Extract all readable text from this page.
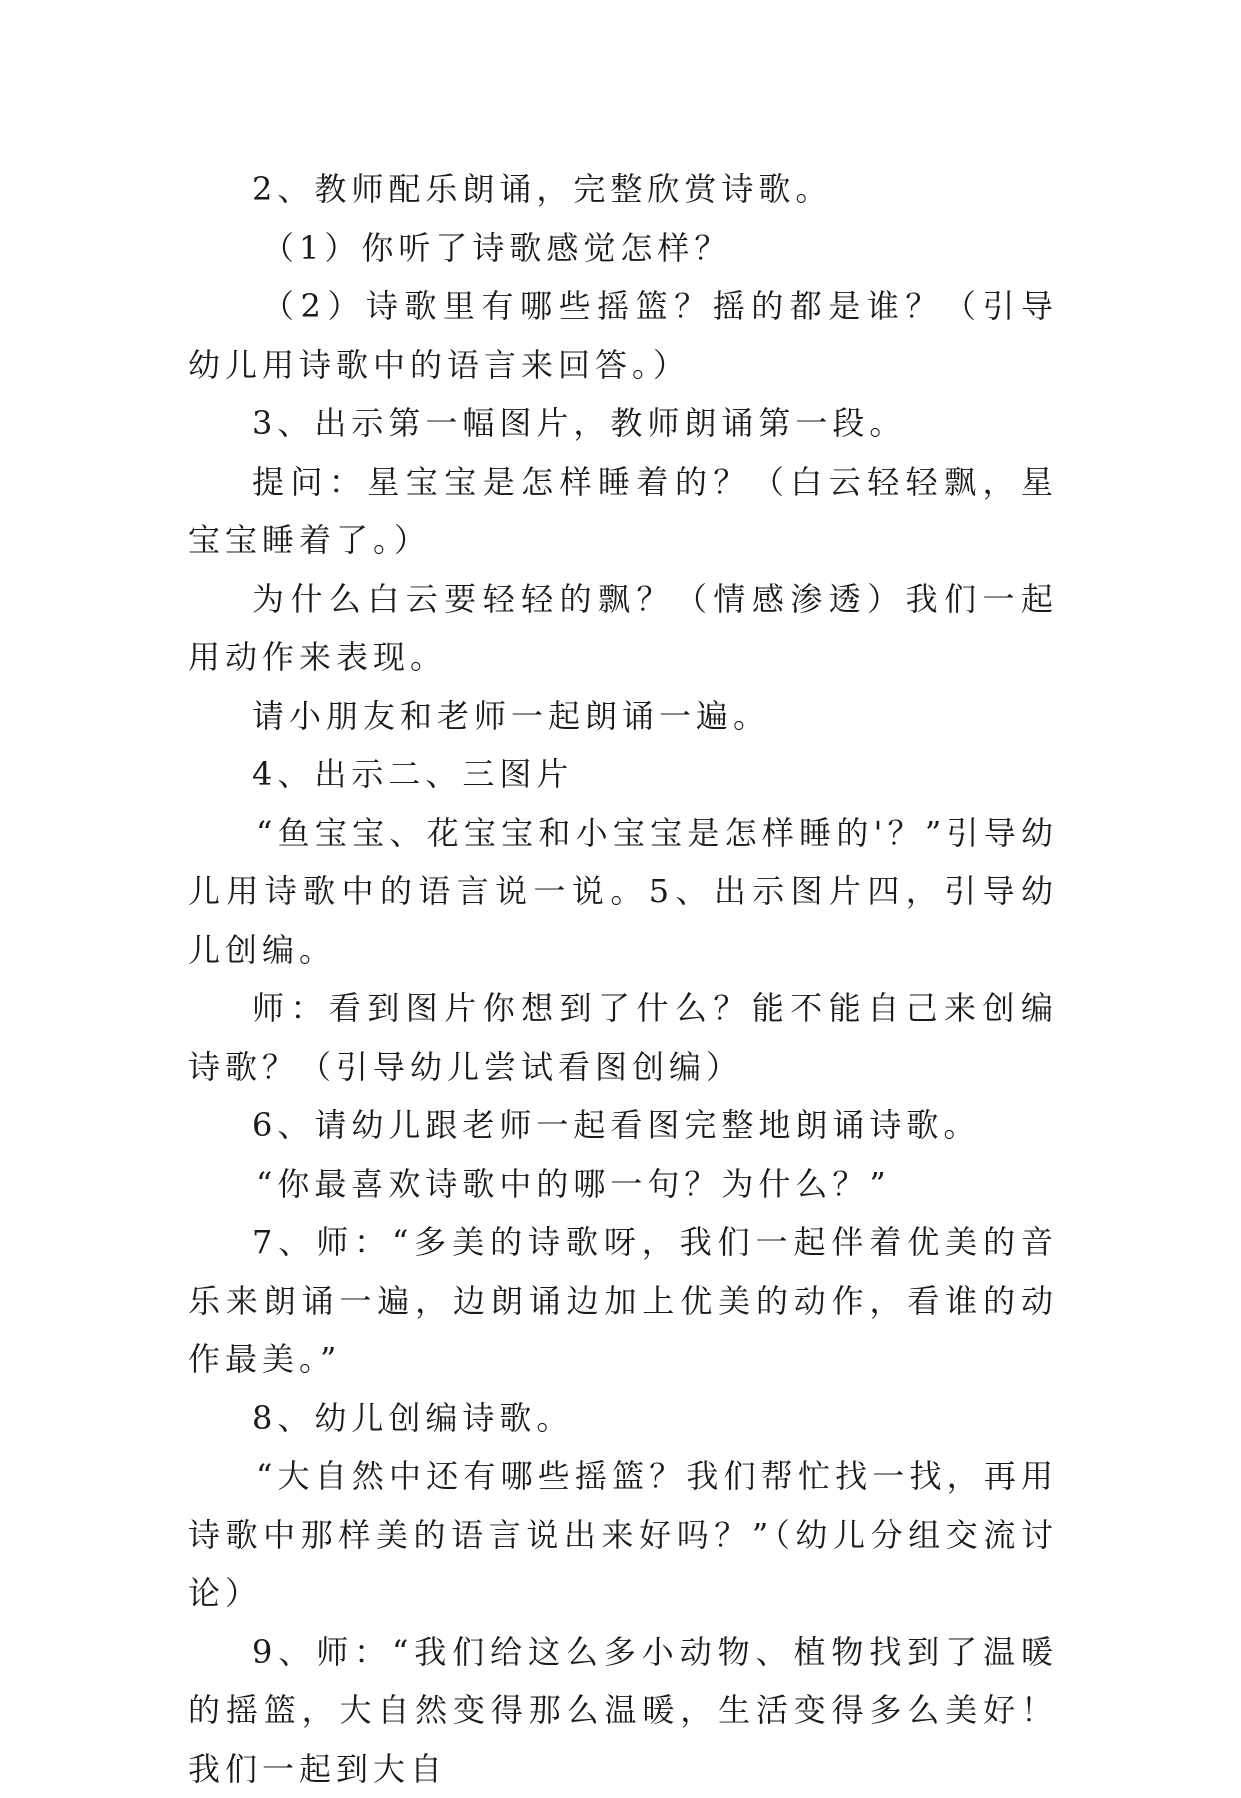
2、教师配乐朗诵，完整欣赏诗歌。

（1）你听了诗歌感觉怎样？

（2）诗歌里有哪些摇篮？摇的都是谁？（引导幼儿用诗歌中的语言来回答。）

3、出示第一幅图片，教师朗诵第一段。

提问：星宝宝是怎样睡着的？（白云轻轻飘，星宝宝睡着了。）

为什么白云要轻轻的飘？（情感渗透）我们一起用动作来表现。

请小朋友和老师一起朗诵一遍。

4、出示二、三图片

“鱼宝宝、花宝宝和小宝宝是怎样睡的'？”引导幼儿用诗歌中的语言说一说。5、出示图片四，引导幼儿创编。

师：看到图片你想到了什么？能不能自己来创编诗歌？（引导幼儿尝试看图创编）

6、请幼儿跟老师一起看图完整地朗诵诗歌。

“你最喜欢诗歌中的哪一句？为什么？”

7、师：“多美的诗歌呀，我们一起伴着优美的音乐来朗诵一遍，边朗诵边加上优美的动作，看谁的动作最美。”

8、幼儿创编诗歌。

“大自然中还有哪些摇篮？我们帮忙找一找，再用诗歌中那样美的语言说出来好吗？”（幼儿分组交流讨论）

9、师：“我们给这么多小动物、植物找到了温暖的摇篮，大自然变得那么温暖，生活变得多么美好！我们一起到大自
